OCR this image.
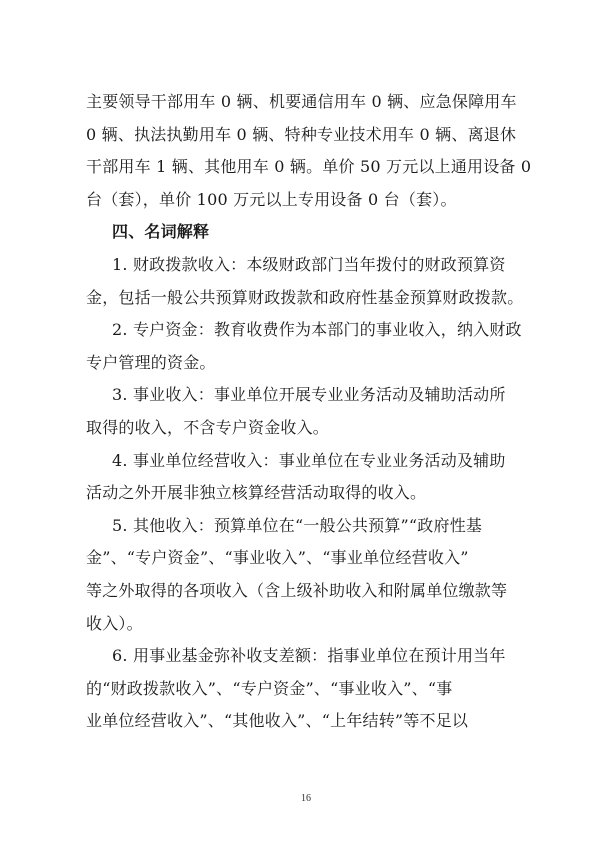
主要领导干部用车 0 辆、机要通信用车 0 辆、应急保障用车
0 辆、执法执勤用车 0 辆、特种专业技术用车 0 辆、离退休
干部用车 1 辆、其他用车 0 辆。单价 50 万元以上通用设备 0
台（套），单价 100 万元以上专用设备 0 台（套）。
四、名词解释
1. 财政拨款收入：本级财政部门当年拨付的财政预算资
金，包括一般公共预算财政拨款和政府性基金预算财政拨款。
2. 专户资金：教育收费作为本部门的事业收入，纳入财政
专户管理的资金。
3. 事业收入：事业单位开展专业业务活动及辅助活动所
取得的收入，不含专户资金收入。
4. 事业单位经营收入：事业单位在专业业务活动及辅助
活动之外开展非独立核算经营活动取得的收入。
5. 其他收入：预算单位在“一般公共预算”“政府性基
金”、“专户资金”、“事业收入”、“事业单位经营收入”
等之外取得的各项收入（含上级补助收入和附属单位缴款等
收入）。
6. 用事业基金弥补收支差额：指事业单位在预计用当年
的“财政拨款收入”、“专户资金”、“事业收入”、“事
业单位经营收入”、“其他收入”、“上年结转”等不足以
16
